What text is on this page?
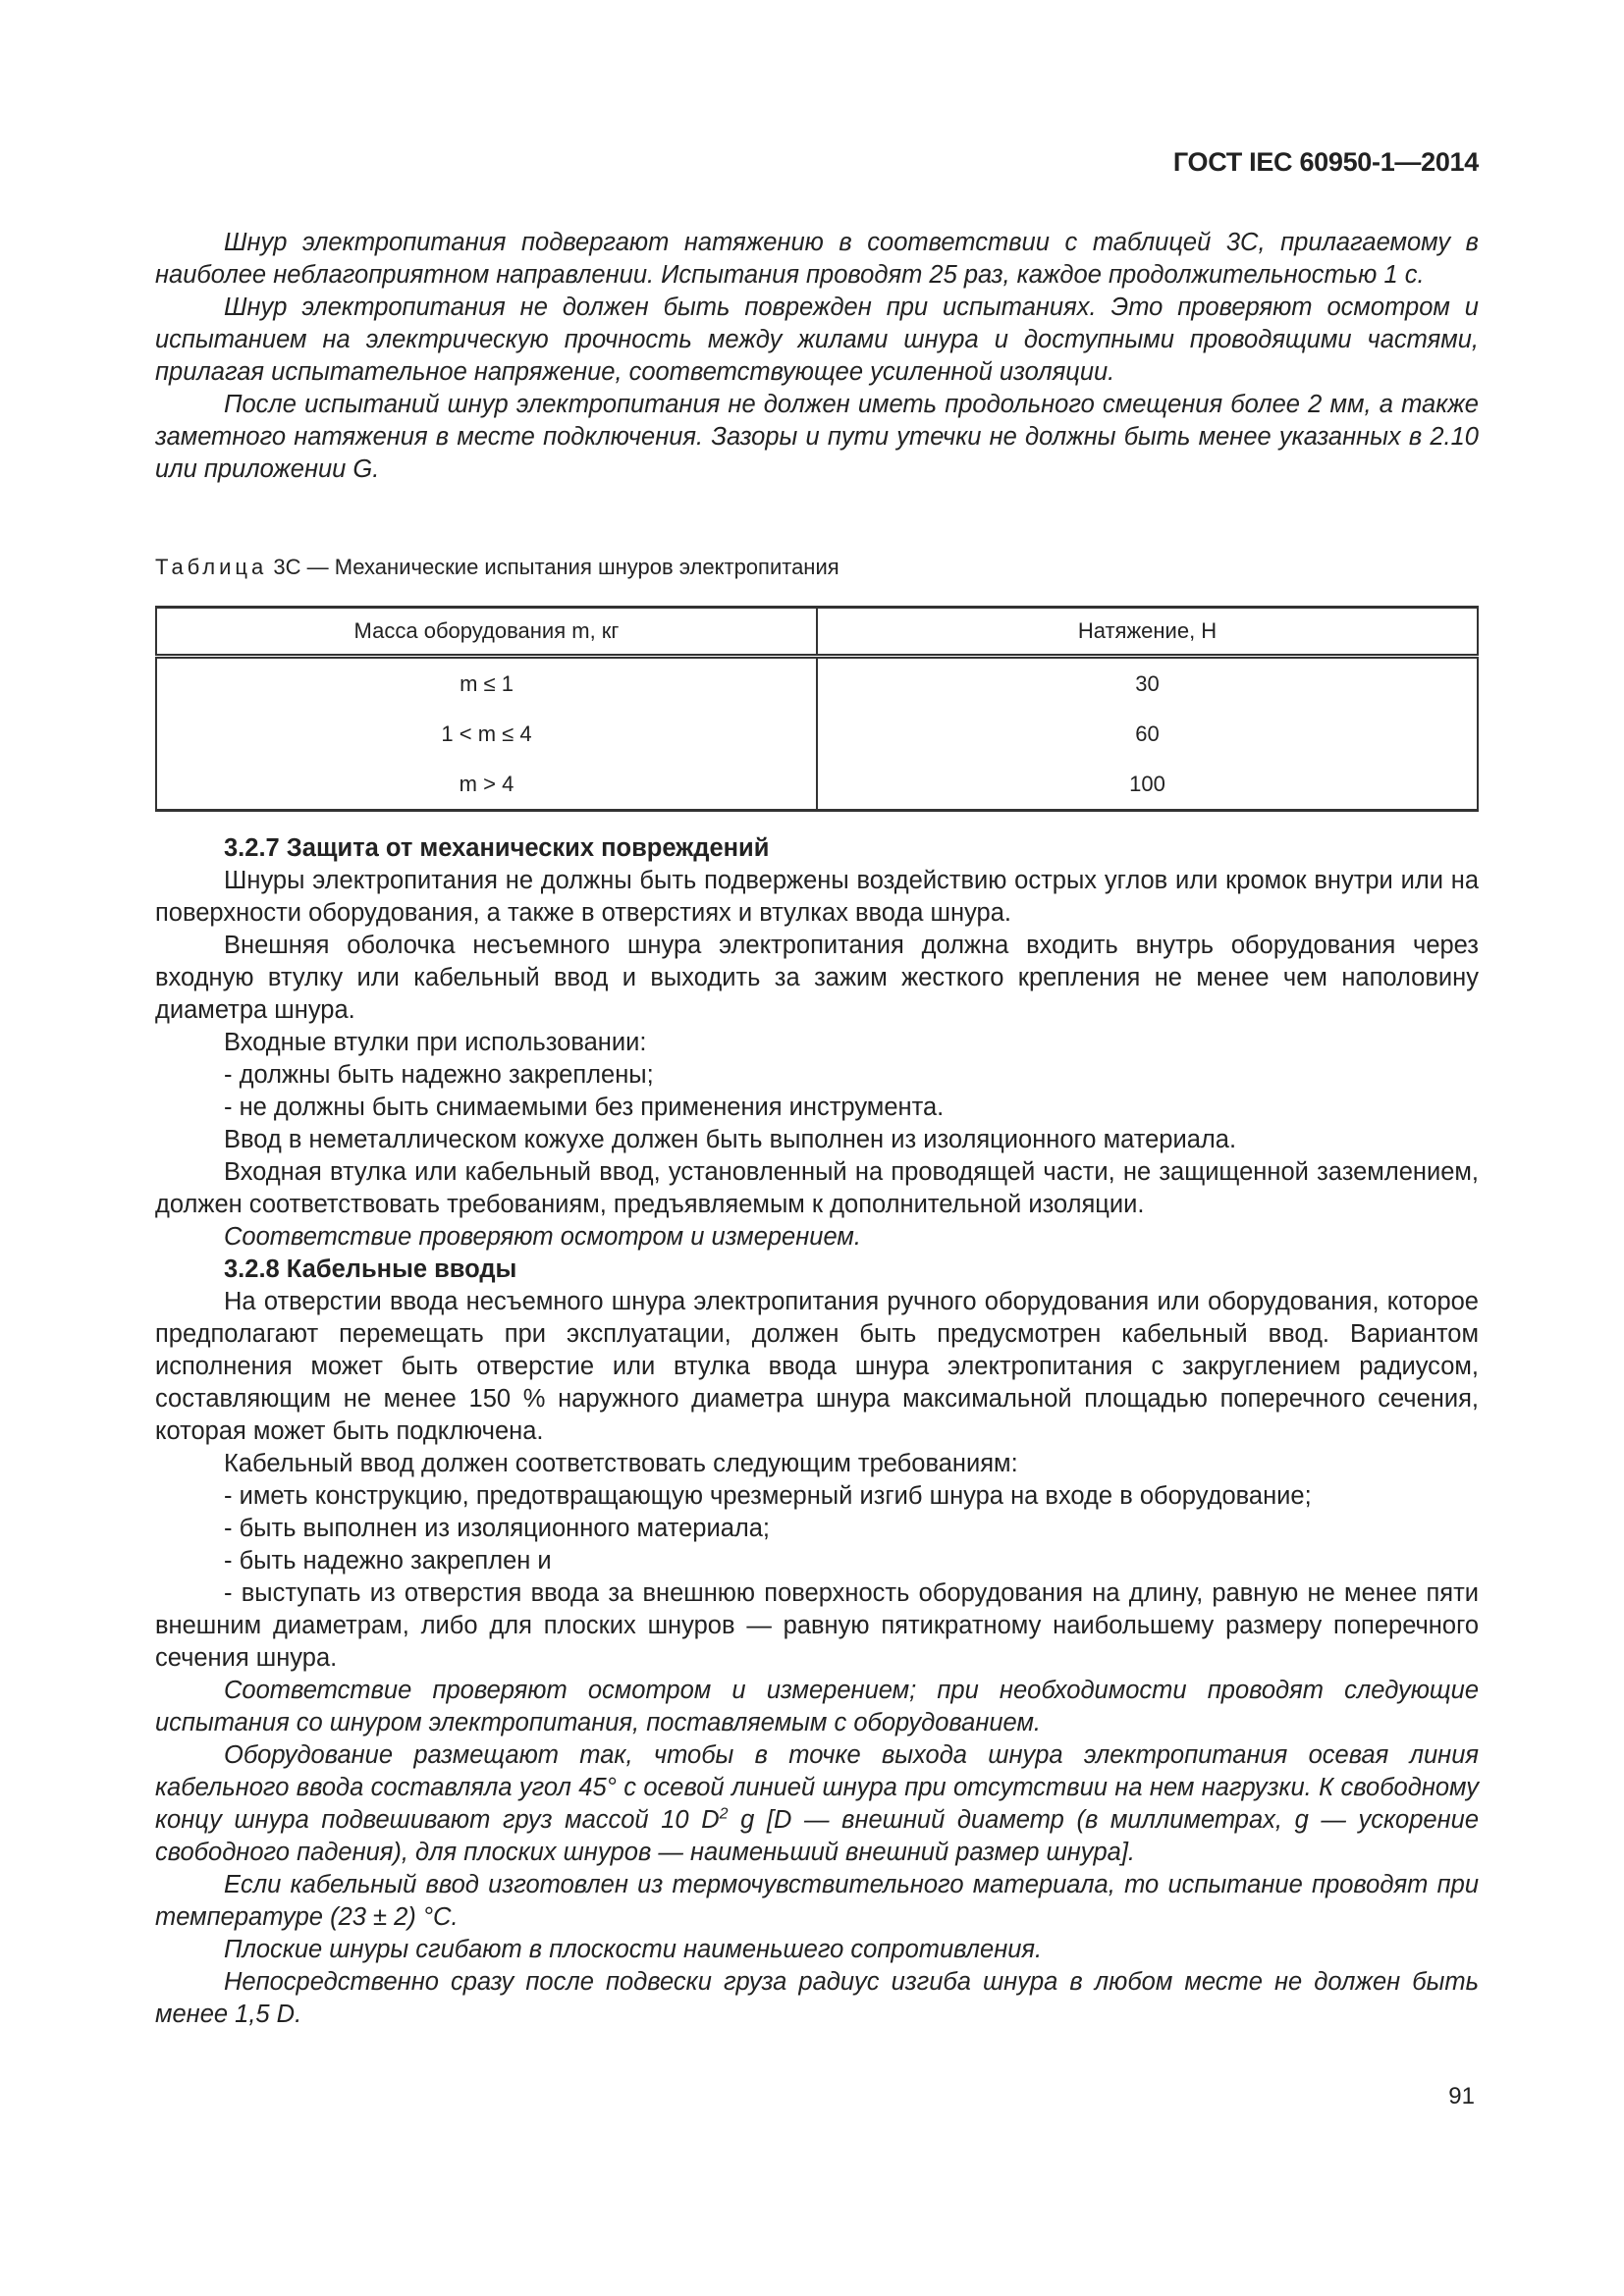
ГОСТ IEC 60950-1—2014

Шнур электропитания подвергают натяжению в соответствии с таблицей 3С, прилагаемому в наиболее неблагоприятном направлении. Испытания проводят 25 раз, каждое продолжительностью 1 с.

Шнур электропитания не должен быть поврежден при испытаниях. Это проверяют осмотром и испытанием на электрическую прочность между жилами шнура и доступными проводящими частями, прилагая испытательное напряжение, соответствующее усиленной изоляции.

После испытаний шнур электропитания не должен иметь продольного смещения более 2 мм, а также заметного натяжения в месте подключения. Зазоры и пути утечки не должны быть менее указанных в 2.10 или приложении G.

Таблица 3С — Механические испытания шнуров электропитания
Масса оборудования m, кг	Натяжение, Н
m ≤ 1	30
1 < m ≤ 4	60
m > 4	100

3.2.7 Защита от механических повреждений

Шнуры электропитания не должны быть подвержены воздействию острых углов или кромок внутри или на поверхности оборудования, а также в отверстиях и втулках ввода шнура.

Внешняя оболочка несъемного шнура электропитания должна входить внутрь оборудования через входную втулку или кабельный ввод и выходить за зажим жесткого крепления не менее чем наполовину диаметра шнура.

Входные втулки при использовании:

- должны быть надежно закреплены;

- не должны быть снимаемыми без применения инструмента.

Ввод в неметаллическом кожухе должен быть выполнен из изоляционного материала.

Входная втулка или кабельный ввод, установленный на проводящей части, не защищенной заземлением, должен соответствовать требованиям, предъявляемым к дополнительной изоляции.

Соответствие проверяют осмотром и измерением.

3.2.8 Кабельные вводы

На отверстии ввода несъемного шнура электропитания ручного оборудования или оборудования, которое предполагают перемещать при эксплуатации, должен быть предусмотрен кабельный ввод. Вариантом исполнения может быть отверстие или втулка ввода шнура электропитания с закруглением радиусом, составляющим не менее 150 % наружного диаметра шнура максимальной площадью поперечного сечения, которая может быть подключена.

Кабельный ввод должен соответствовать следующим требованиям:

- иметь конструкцию, предотвращающую чрезмерный изгиб шнура на входе в оборудование;

- быть выполнен из изоляционного материала;

- быть надежно закреплен и

- выступать из отверстия ввода за внешнюю поверхность оборудования на длину, равную не менее пяти внешним диаметрам, либо для плоских шнуров — равную пятикратному наибольшему размеру поперечного сечения шнура.

Соответствие проверяют осмотром и измерением; при необходимости проводят следующие испытания со шнуром электропитания, поставляемым с оборудованием.

Оборудование размещают так, чтобы в точке выхода шнура электропитания осевая линия кабельного ввода составляла угол 45° с осевой линией шнура при отсутствии на нем нагрузки. К свободному концу шнура подвешивают груз массой 10 $D^2$ g [D — внешний диаметр (в миллиметрах, g — ускорение свободного падения), для плоских шнуров — наименьший внешний размер шнура].

Если кабельный ввод изготовлен из термочувствительного материала, то испытание проводят при температуре (23 ± 2) °С.

Плоские шнуры сгибают в плоскости наименьшего сопротивления.

Непосредственно сразу после подвески груза радиус изгиба шнура в любом месте не должен быть менее 1,5 D.

91
